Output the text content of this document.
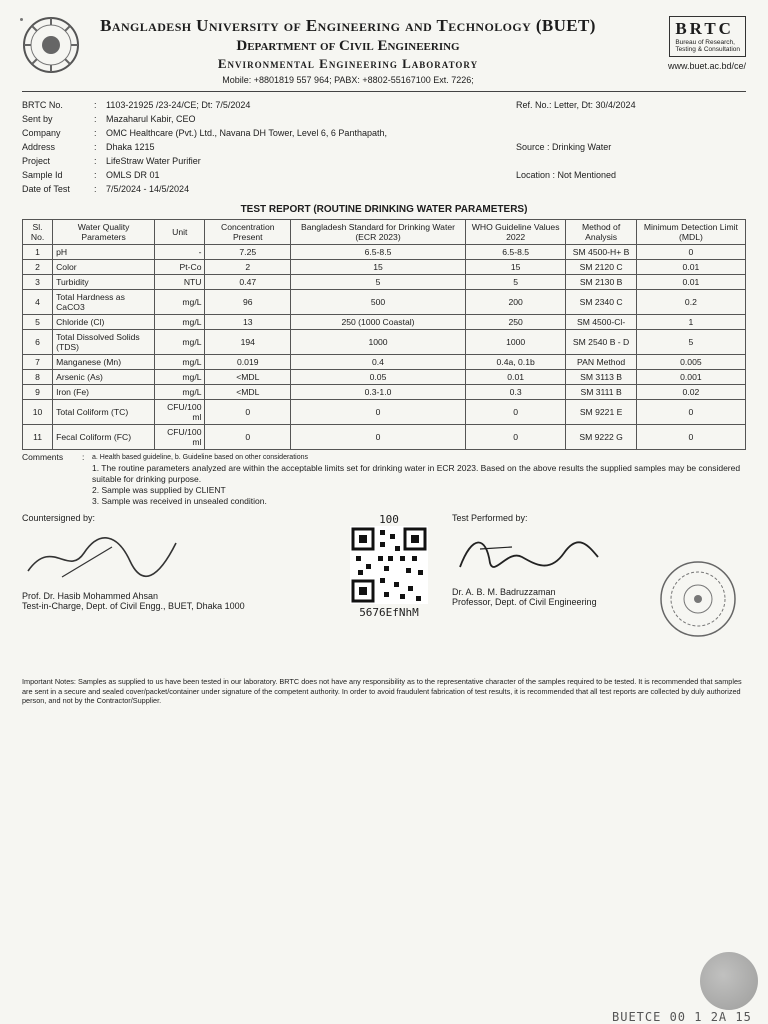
Bangladesh University of Engineering and Technology (BUET)
Department of Civil Engineering
Environmental Engineering Laboratory
Mobile: +8801819 557 964; PABX: +8802-55167100 Ext. 7226;
BRTC
Bureau of Research,
Testing & Consultation
www.buet.ac.bd/ce/
BRTC No.	:	1103-21925 /23-24/CE; Dt: 7/5/2024
Sent by	:	Mazaharul Kabir, CEO
Company	:	OMC Healthcare (Pvt.) Ltd., Navana DH Tower, Level 6, 6 Panthapath,
Address	:	Dhaka 1215
Project	:	LifeStraw Water Purifier
Sample Id	:	OMLS DR 01
Date of Test	:	7/5/2024 - 14/5/2024
Ref. No.: Letter, Dt: 30/4/2024

Source : Drinking Water

Location : Not Mentioned
TEST REPORT (ROUTINE DRINKING WATER PARAMETERS)
Sl. No.	Water Quality Parameters	Unit	Concentration Present	Bangladesh Standard for Drinking Water (ECR 2023)	WHO Guideline Values 2022	Method of Analysis	Minimum Detection Limit (MDL)
1	pH	-	7.25	6.5-8.5	6.5-8.5	SM 4500-H+ B	0
2	Color	Pt-Co	2	15	15	SM 2120 C	0.01
3	Turbidity	NTU	0.47	5	5	SM 2130 B	0.01
4	Total Hardness as CaCO3	mg/L	96	500	200	SM 2340 C	0.2
5	Chloride (Cl)	mg/L	13	250 (1000 Coastal)	250	SM 4500-Cl-	1
6	Total Dissolved Solids (TDS)	mg/L	194	1000	1000	SM 2540 B - D	5
7	Manganese (Mn)	mg/L	0.019	0.4	0.4a, 0.1b	PAN Method	0.005
8	Arsenic (As)	mg/L	<MDL	0.05	0.01	SM 3113 B	0.001
9	Iron (Fe)	mg/L	<MDL	0.3-1.0	0.3	SM 3111 B	0.02
10	Total Coliform (TC)	CFU/100 ml	0	0	0	SM 9221 E	0
11	Fecal Coliform (FC)	CFU/100 ml	0	0	0	SM 9222 G	0
Comments	:	a. Health based guideline, b. Guideline based on other considerations
1. The routine parameters analyzed are within the acceptable limits set for drinking water in ECR 2023. Based on the above results the supplied samples may be considered suitable for drinking purpose.
2. Sample was supplied by CLIENT
3. Sample was received in unsealed condition.
Countersigned by:
Prof. Dr. Hasib Mohammed Ahsan
Test-in-Charge, Dept. of Civil Engg., BUET, Dhaka 1000
100
5676EfNhM
Test Performed by:
Dr. A. B. M. Badruzzaman
Professor, Dept. of Civil Engineering
Important Notes: Samples as supplied to us have been tested in our laboratory. BRTC does not have any responsibility as to the representative character of the samples required to be tested. It is recommended that samples are sent in a secure and sealed cover/packet/container under signature of the competent authority. In order to avoid fraudulent fabrication of test results, it is recommended that all test reports are collected by duly authorized person, and not by the Contractor/Supplier.
BUETCE 00 1 2A 15
